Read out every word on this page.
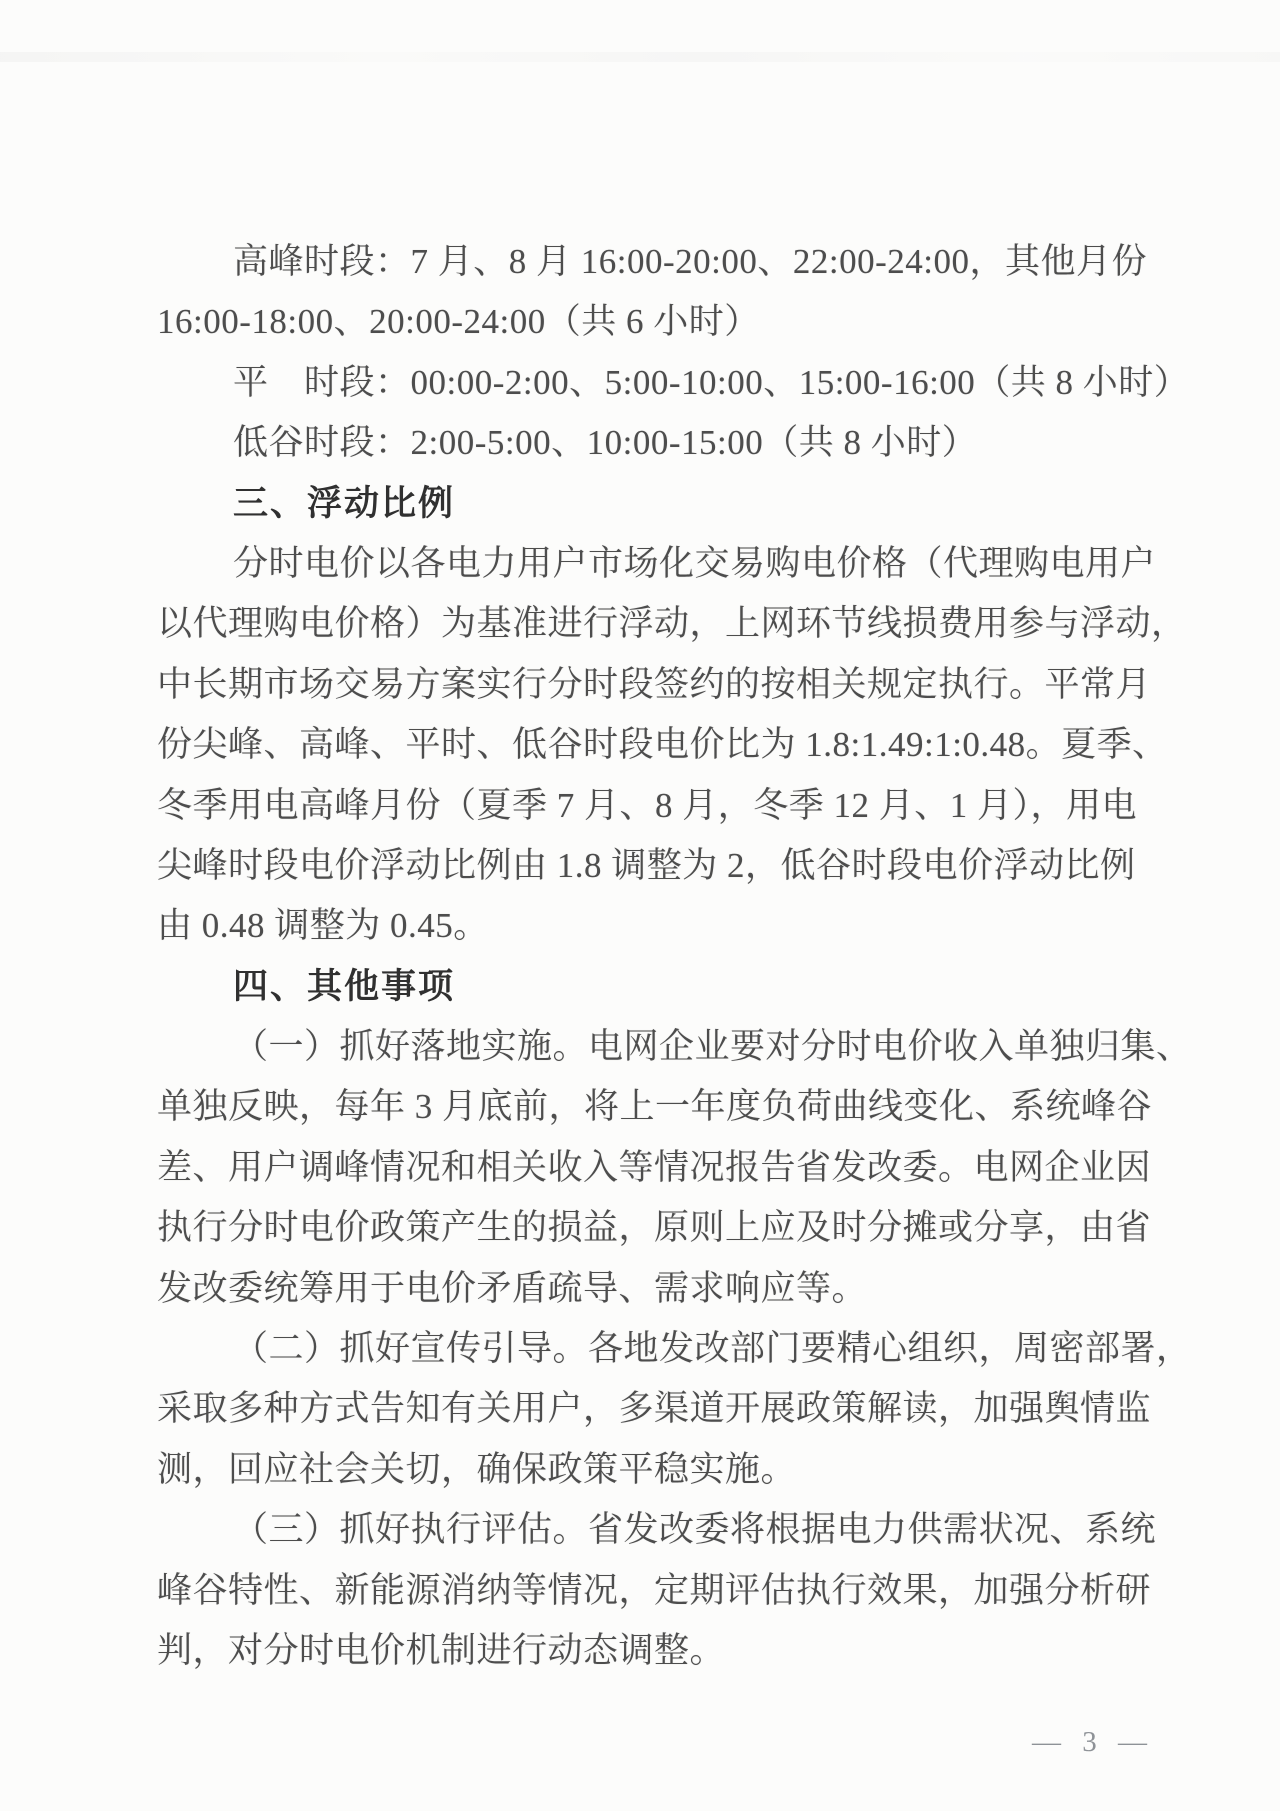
高峰时段：7 月、8 月 16:00-20:00、22:00-24:00，其他月份
16:00-18:00、20:00-24:00（共 6 小时）
平　时段：00:00-2:00、5:00-10:00、15:00-16:00（共 8 小时）
低谷时段：2:00-5:00、10:00-15:00（共 8 小时）
三、浮动比例
分时电价以各电力用户市场化交易购电价格（代理购电用户
以代理购电价格）为基准进行浮动，上网环节线损费用参与浮动，
中长期市场交易方案实行分时段签约的按相关规定执行。平常月
份尖峰、高峰、平时、低谷时段电价比为 1.8:1.49:1:0.48。夏季、
冬季用电高峰月份（夏季 7 月、8 月，冬季 12 月、1 月），用电
尖峰时段电价浮动比例由 1.8 调整为 2，低谷时段电价浮动比例
由 0.48 调整为 0.45。
四、其他事项
（一）抓好落地实施。电网企业要对分时电价收入单独归集、
单独反映，每年 3 月底前，将上一年度负荷曲线变化、系统峰谷
差、用户调峰情况和相关收入等情况报告省发改委。电网企业因
执行分时电价政策产生的损益，原则上应及时分摊或分享，由省
发改委统筹用于电价矛盾疏导、需求响应等。
（二）抓好宣传引导。各地发改部门要精心组织，周密部署，
采取多种方式告知有关用户，多渠道开展政策解读，加强舆情监
测，回应社会关切，确保政策平稳实施。
（三）抓好执行评估。省发改委将根据电力供需状况、系统
峰谷特性、新能源消纳等情况，定期评估执行效果，加强分析研
判，对分时电价机制进行动态调整。
— 3 —
